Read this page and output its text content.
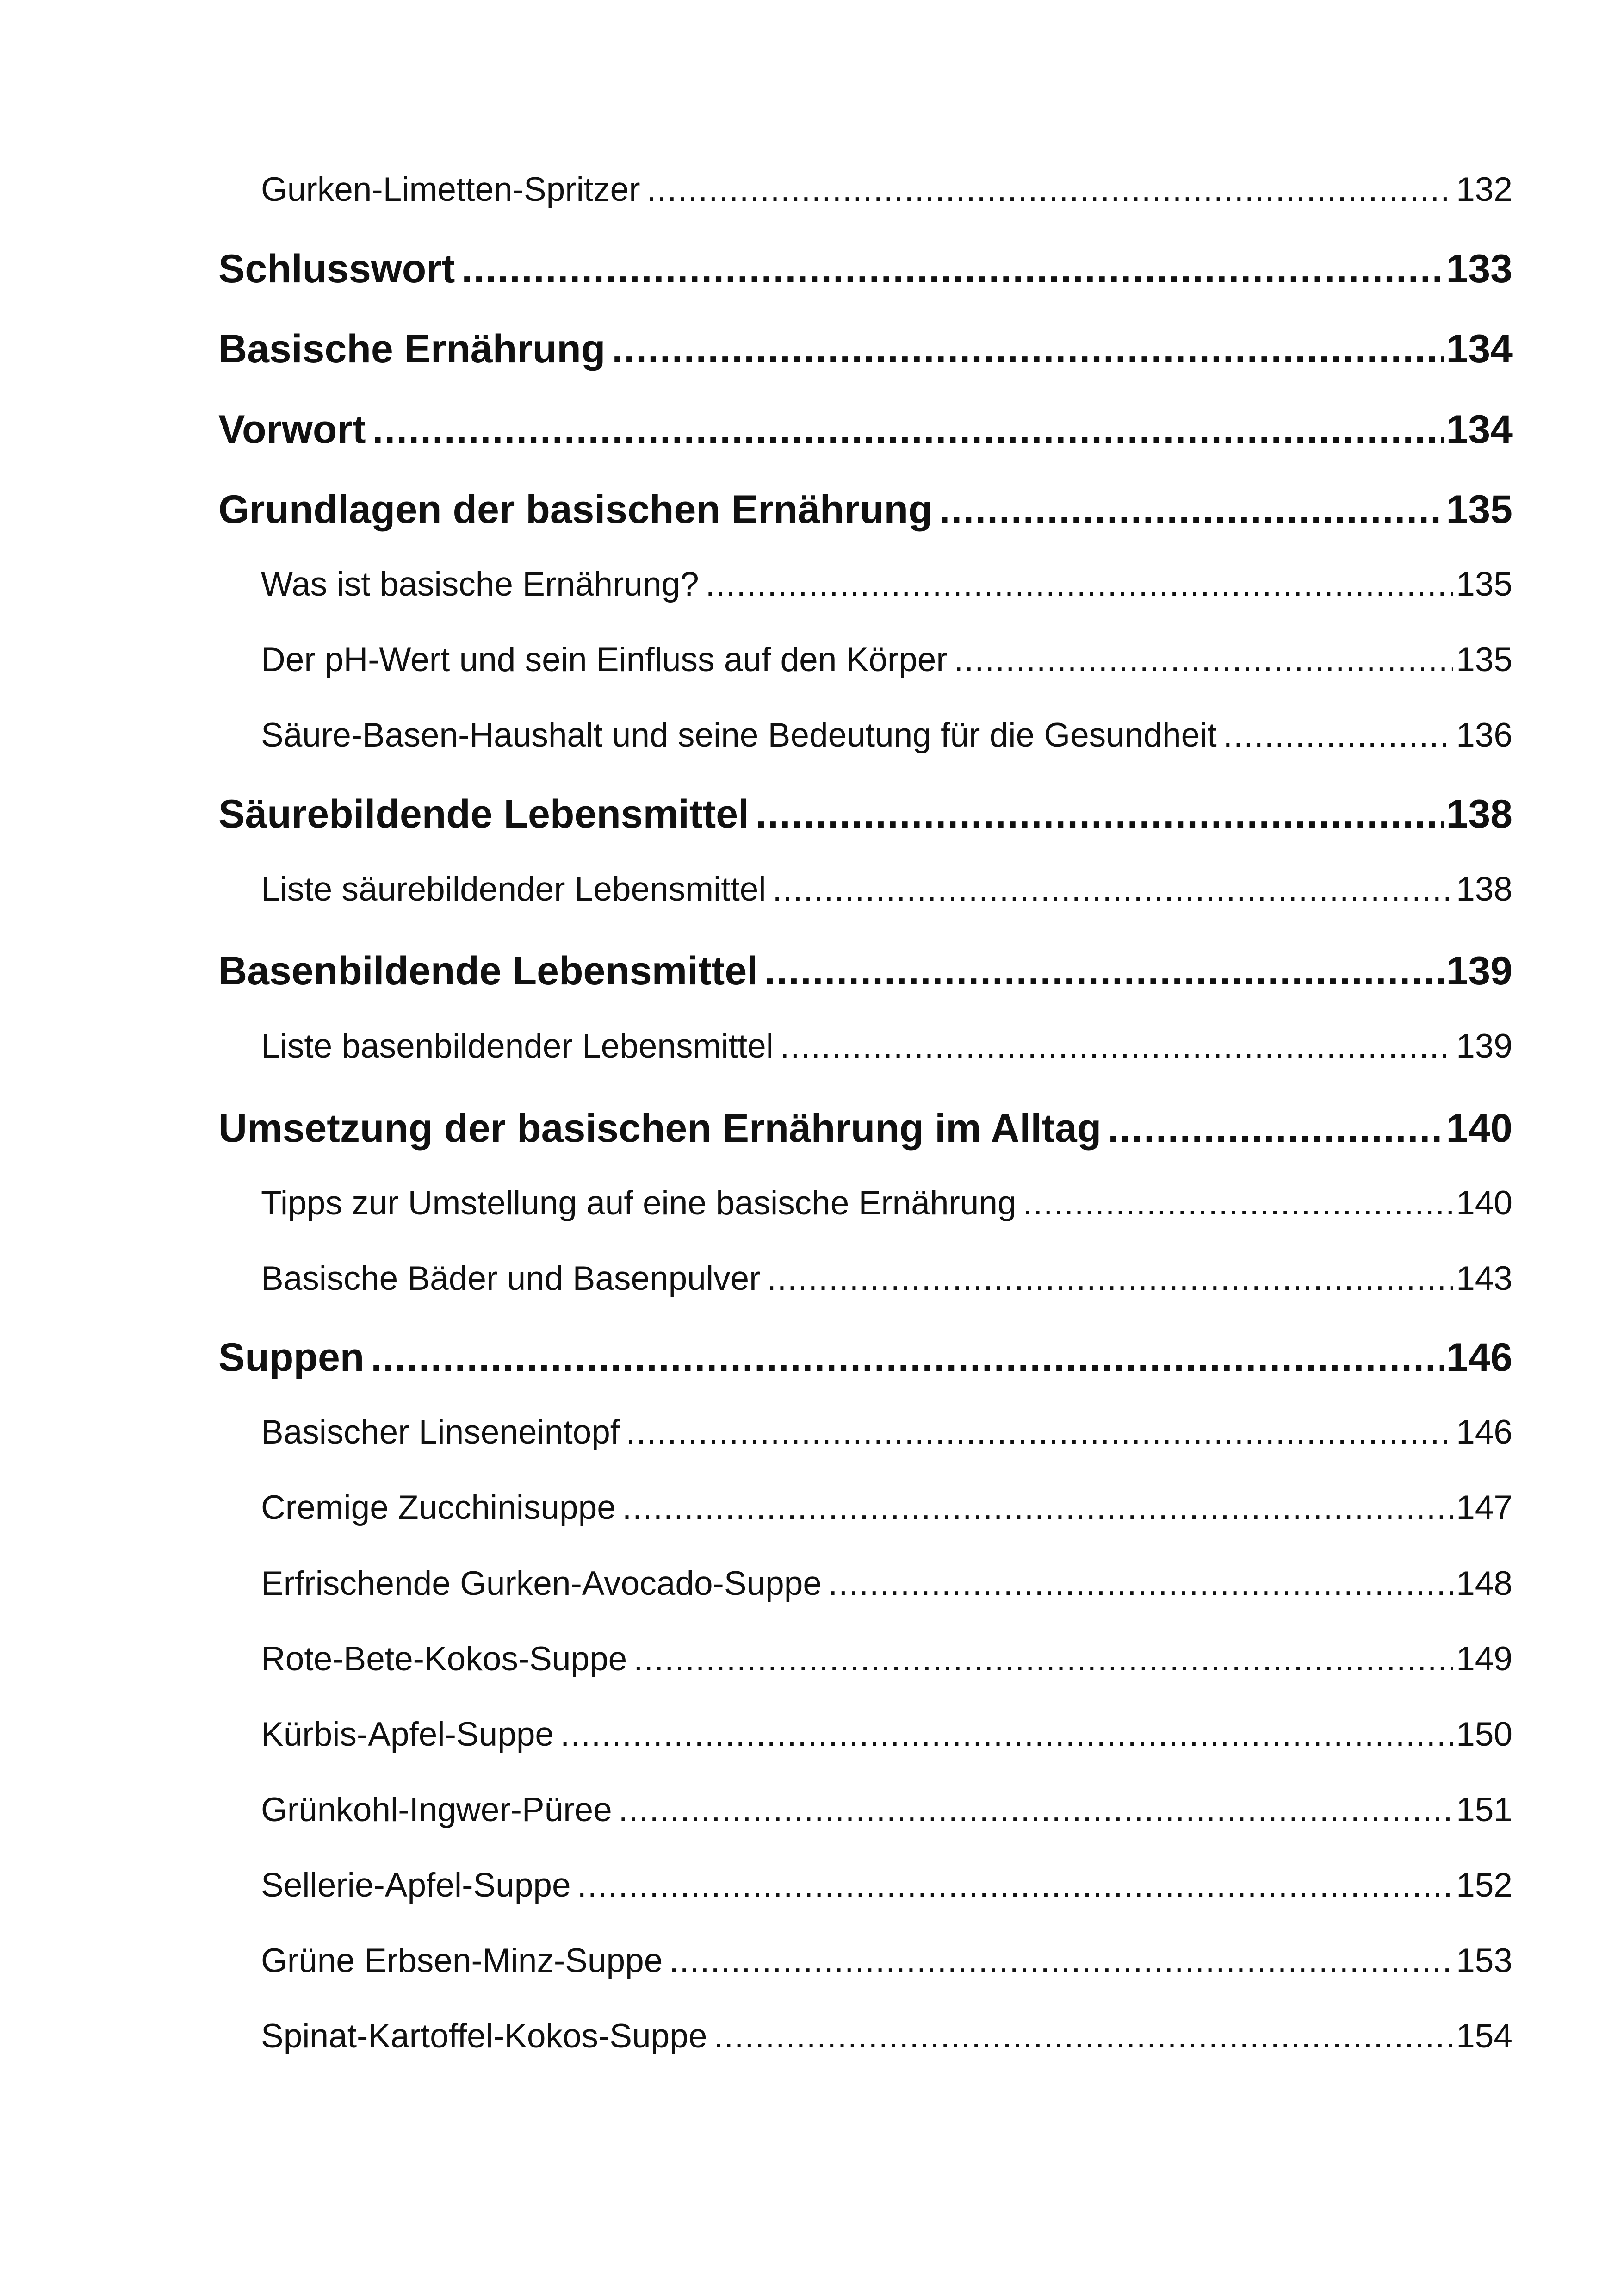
Gurken-Limetten-Spritzer .....	132
Schlusswort .....	133
Basische Ernährung .....	134
Vorwort .....	134
Grundlagen der basischen Ernährung .....	135
Was ist basische Ernährung? .....	135
Der pH-Wert und sein Einfluss auf den Körper .....	135
Säure-Basen-Haushalt und seine Bedeutung für die Gesundheit .....	136
Säurebildende Lebensmittel .....	138
Liste säurebildender Lebensmittel .....	138
Basenbildende Lebensmittel .....	139
Liste basenbildender Lebensmittel .....	139
Umsetzung der basischen Ernährung im Alltag .....	140
Tipps zur Umstellung auf eine basische Ernährung .....	140
Basische Bäder und Basenpulver .....	143
Suppen .....	146
Basischer Linseneintopf .....	146
Cremige Zucchinisuppe .....	147
Erfrischende Gurken-Avocado-Suppe .....	148
Rote-Bete-Kokos-Suppe .....	149
Kürbis-Apfel-Suppe .....	150
Grünkohl-Ingwer-Püree .....	151
Sellerie-Apfel-Suppe .....	152
Grüne Erbsen-Minz-Suppe .....	153
Spinat-Kartoffel-Kokos-Suppe .....	154
